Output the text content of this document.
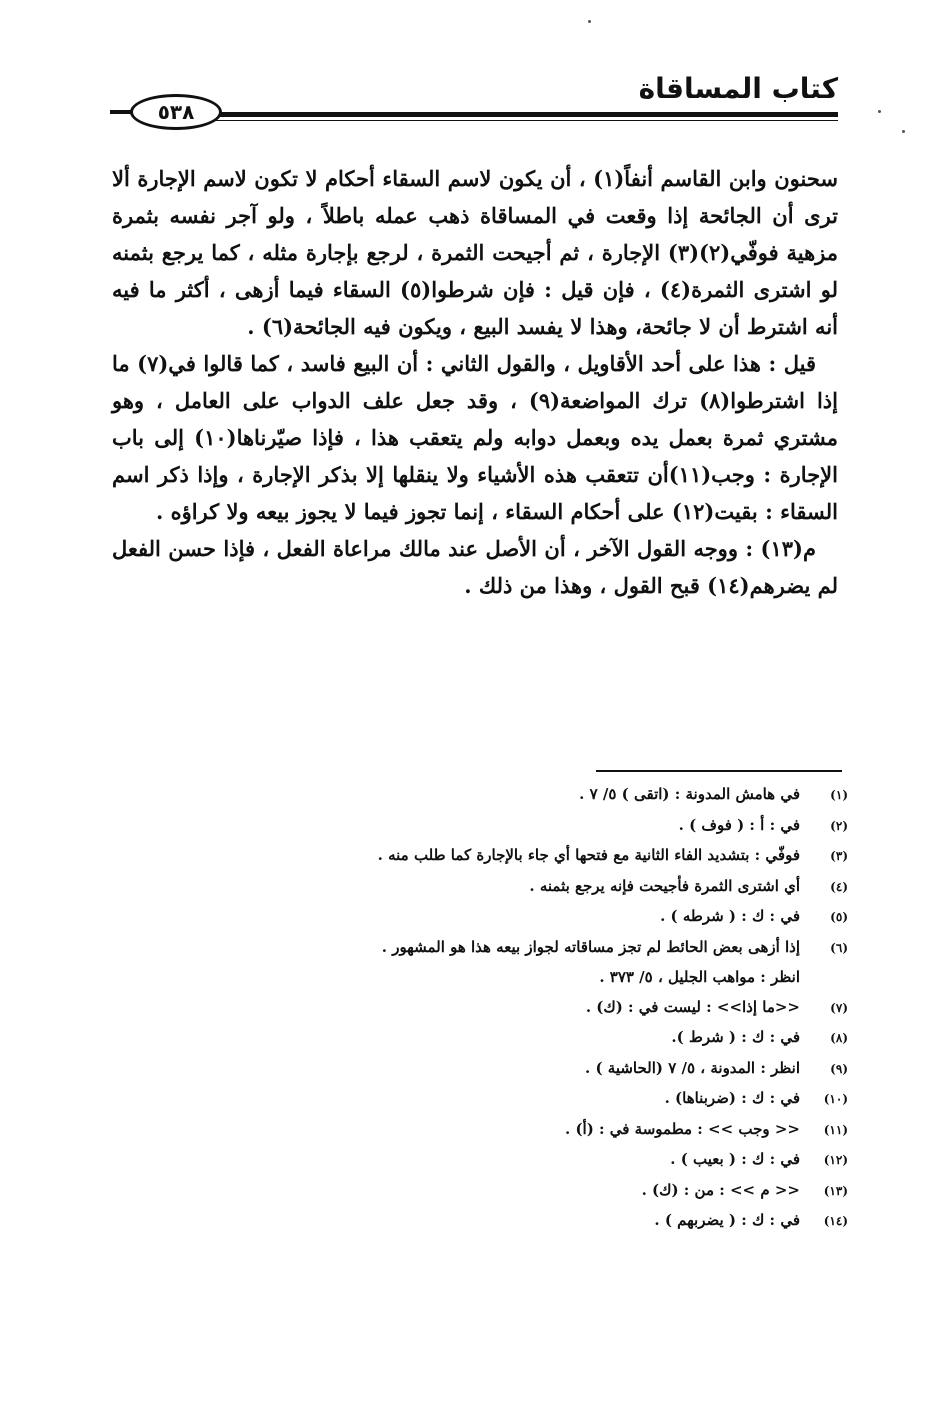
كتاب المساقاة
٥٣٨

سحنون وابن القاسم أنفاً(١) ، أن يكون لاسم السقاء أحكام لا تكون لاسم الإجارة ألا ترى أن الجائحة إذا وقعت في المساقاة ذهب عمله باطلاً ، ولو آجر نفسه بثمرة مزهية فوفّي(٢)(٣) الإجارة ، ثم أجيحت الثمرة ، لرجع بإجارة مثله ، كما يرجع بثمنه لو اشترى الثمرة(٤) ، فإن قيل : فإن شرطوا(٥) السقاء فيما أزهى ، أكثر ما فيه أنه اشترط أن لا جائحة، وهذا لا يفسد البيع ، ويكون فيه الجائحة(٦) .

قيل : هذا على أحد الأقاويل ، والقول الثاني : أن البيع فاسد ، كما قالوا في(٧) ما إذا اشترطوا(٨) ترك المواضعة(٩) ، وقد جعل علف الدواب على العامل ، وهو مشتري ثمرة بعمل يده وبعمل دوابه ولم يتعقب هذا ، فإذا صيّرناها(١٠) إلى باب الإجارة : وجب(١١)أن تتعقب هذه الأشياء ولا ينقلها إلا بذكر الإجارة ، وإذا ذكر اسم السقاء : بقيت(١٢) على أحكام السقاء ، إنما تجوز فيما لا يجوز بيعه ولا كراؤه .

م(١٣) : ووجه القول الآخر ، أن الأصل عند مالك مراعاة الفعل ، فإذا حسن الفعل لم يضرهم(١٤) قبح القول ، وهذا من ذلك .

(١)
في هامش المدونة : (اتقى ) ٥/ ٧ .
(٢)
في : أ : ( فوف ) .
(٣)
فوفّي : بتشديد الفاء الثانية مع فتحها أي جاء بالإجارة كما طلب منه .
(٤)
أي اشترى الثمرة فأجيحت فإنه يرجع بثمنه .
(٥)
في : ك : ( شرطه ) .
(٦)
إذا أزهى بعض الحائط لم تجز مساقاته لجواز بيعه هذا هو المشهور .
انظر : مواهب الجليل ، ٥/ ٣٧٣ .
(٧)
<<ما إذا>> : ليست في : (ك) .
(٨)
في : ك : ( شرط ).
(٩)
انظر : المدونة ، ٥/ ٧ (الحاشية ) .
(١٠)
في : ك : (ضربناها) .
(١١)
<< وجب >> : مطموسة في : (أ) .
(١٢)
في : ك : ( بعيب ) .
(١٣)
<< م >> : من : (ك) .
(١٤)
في : ك : ( يضربهم ) .
